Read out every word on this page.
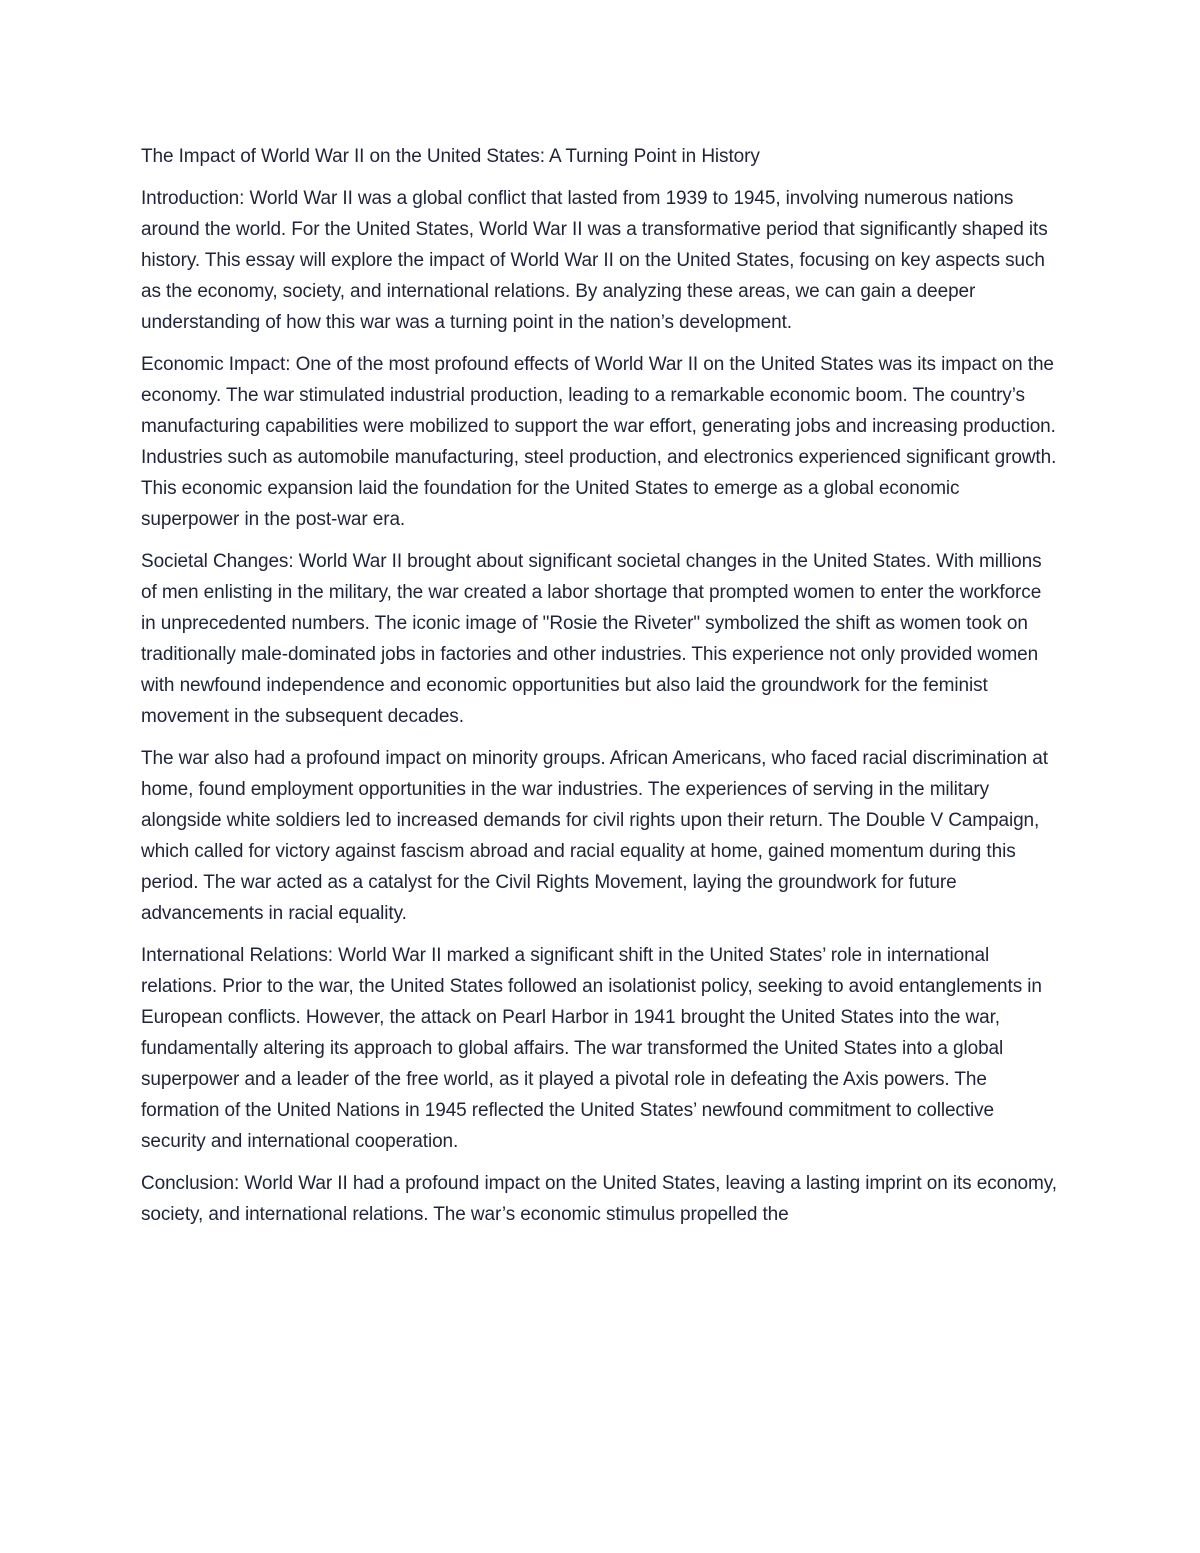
The Impact of World War II on the United States: A Turning Point in History

Introduction: World War II was a global conflict that lasted from 1939 to 1945, involving numerous nations around the world. For the United States, World War II was a transformative period that significantly shaped its history. This essay will explore the impact of World War II on the United States, focusing on key aspects such as the economy, society, and international relations. By analyzing these areas, we can gain a deeper understanding of how this war was a turning point in the nation’s development.

Economic Impact: One of the most profound effects of World War II on the United States was its impact on the economy. The war stimulated industrial production, leading to a remarkable economic boom. The country’s manufacturing capabilities were mobilized to support the war effort, generating jobs and increasing production. Industries such as automobile manufacturing, steel production, and electronics experienced significant growth. This economic expansion laid the foundation for the United States to emerge as a global economic superpower in the post-war era.

Societal Changes: World War II brought about significant societal changes in the United States. With millions of men enlisting in the military, the war created a labor shortage that prompted women to enter the workforce in unprecedented numbers. The iconic image of "Rosie the Riveter" symbolized the shift as women took on traditionally male-dominated jobs in factories and other industries. This experience not only provided women with newfound independence and economic opportunities but also laid the groundwork for the feminist movement in the subsequent decades.

The war also had a profound impact on minority groups. African Americans, who faced racial discrimination at home, found employment opportunities in the war industries. The experiences of serving in the military alongside white soldiers led to increased demands for civil rights upon their return. The Double V Campaign, which called for victory against fascism abroad and racial equality at home, gained momentum during this period. The war acted as a catalyst for the Civil Rights Movement, laying the groundwork for future advancements in racial equality.

International Relations: World War II marked a significant shift in the United States’ role in international relations. Prior to the war, the United States followed an isolationist policy, seeking to avoid entanglements in European conflicts. However, the attack on Pearl Harbor in 1941 brought the United States into the war, fundamentally altering its approach to global affairs. The war transformed the United States into a global superpower and a leader of the free world, as it played a pivotal role in defeating the Axis powers. The formation of the United Nations in 1945 reflected the United States’ newfound commitment to collective security and international cooperation.

Conclusion: World War II had a profound impact on the United States, leaving a lasting imprint on its economy, society, and international relations. The war’s economic stimulus propelled the
